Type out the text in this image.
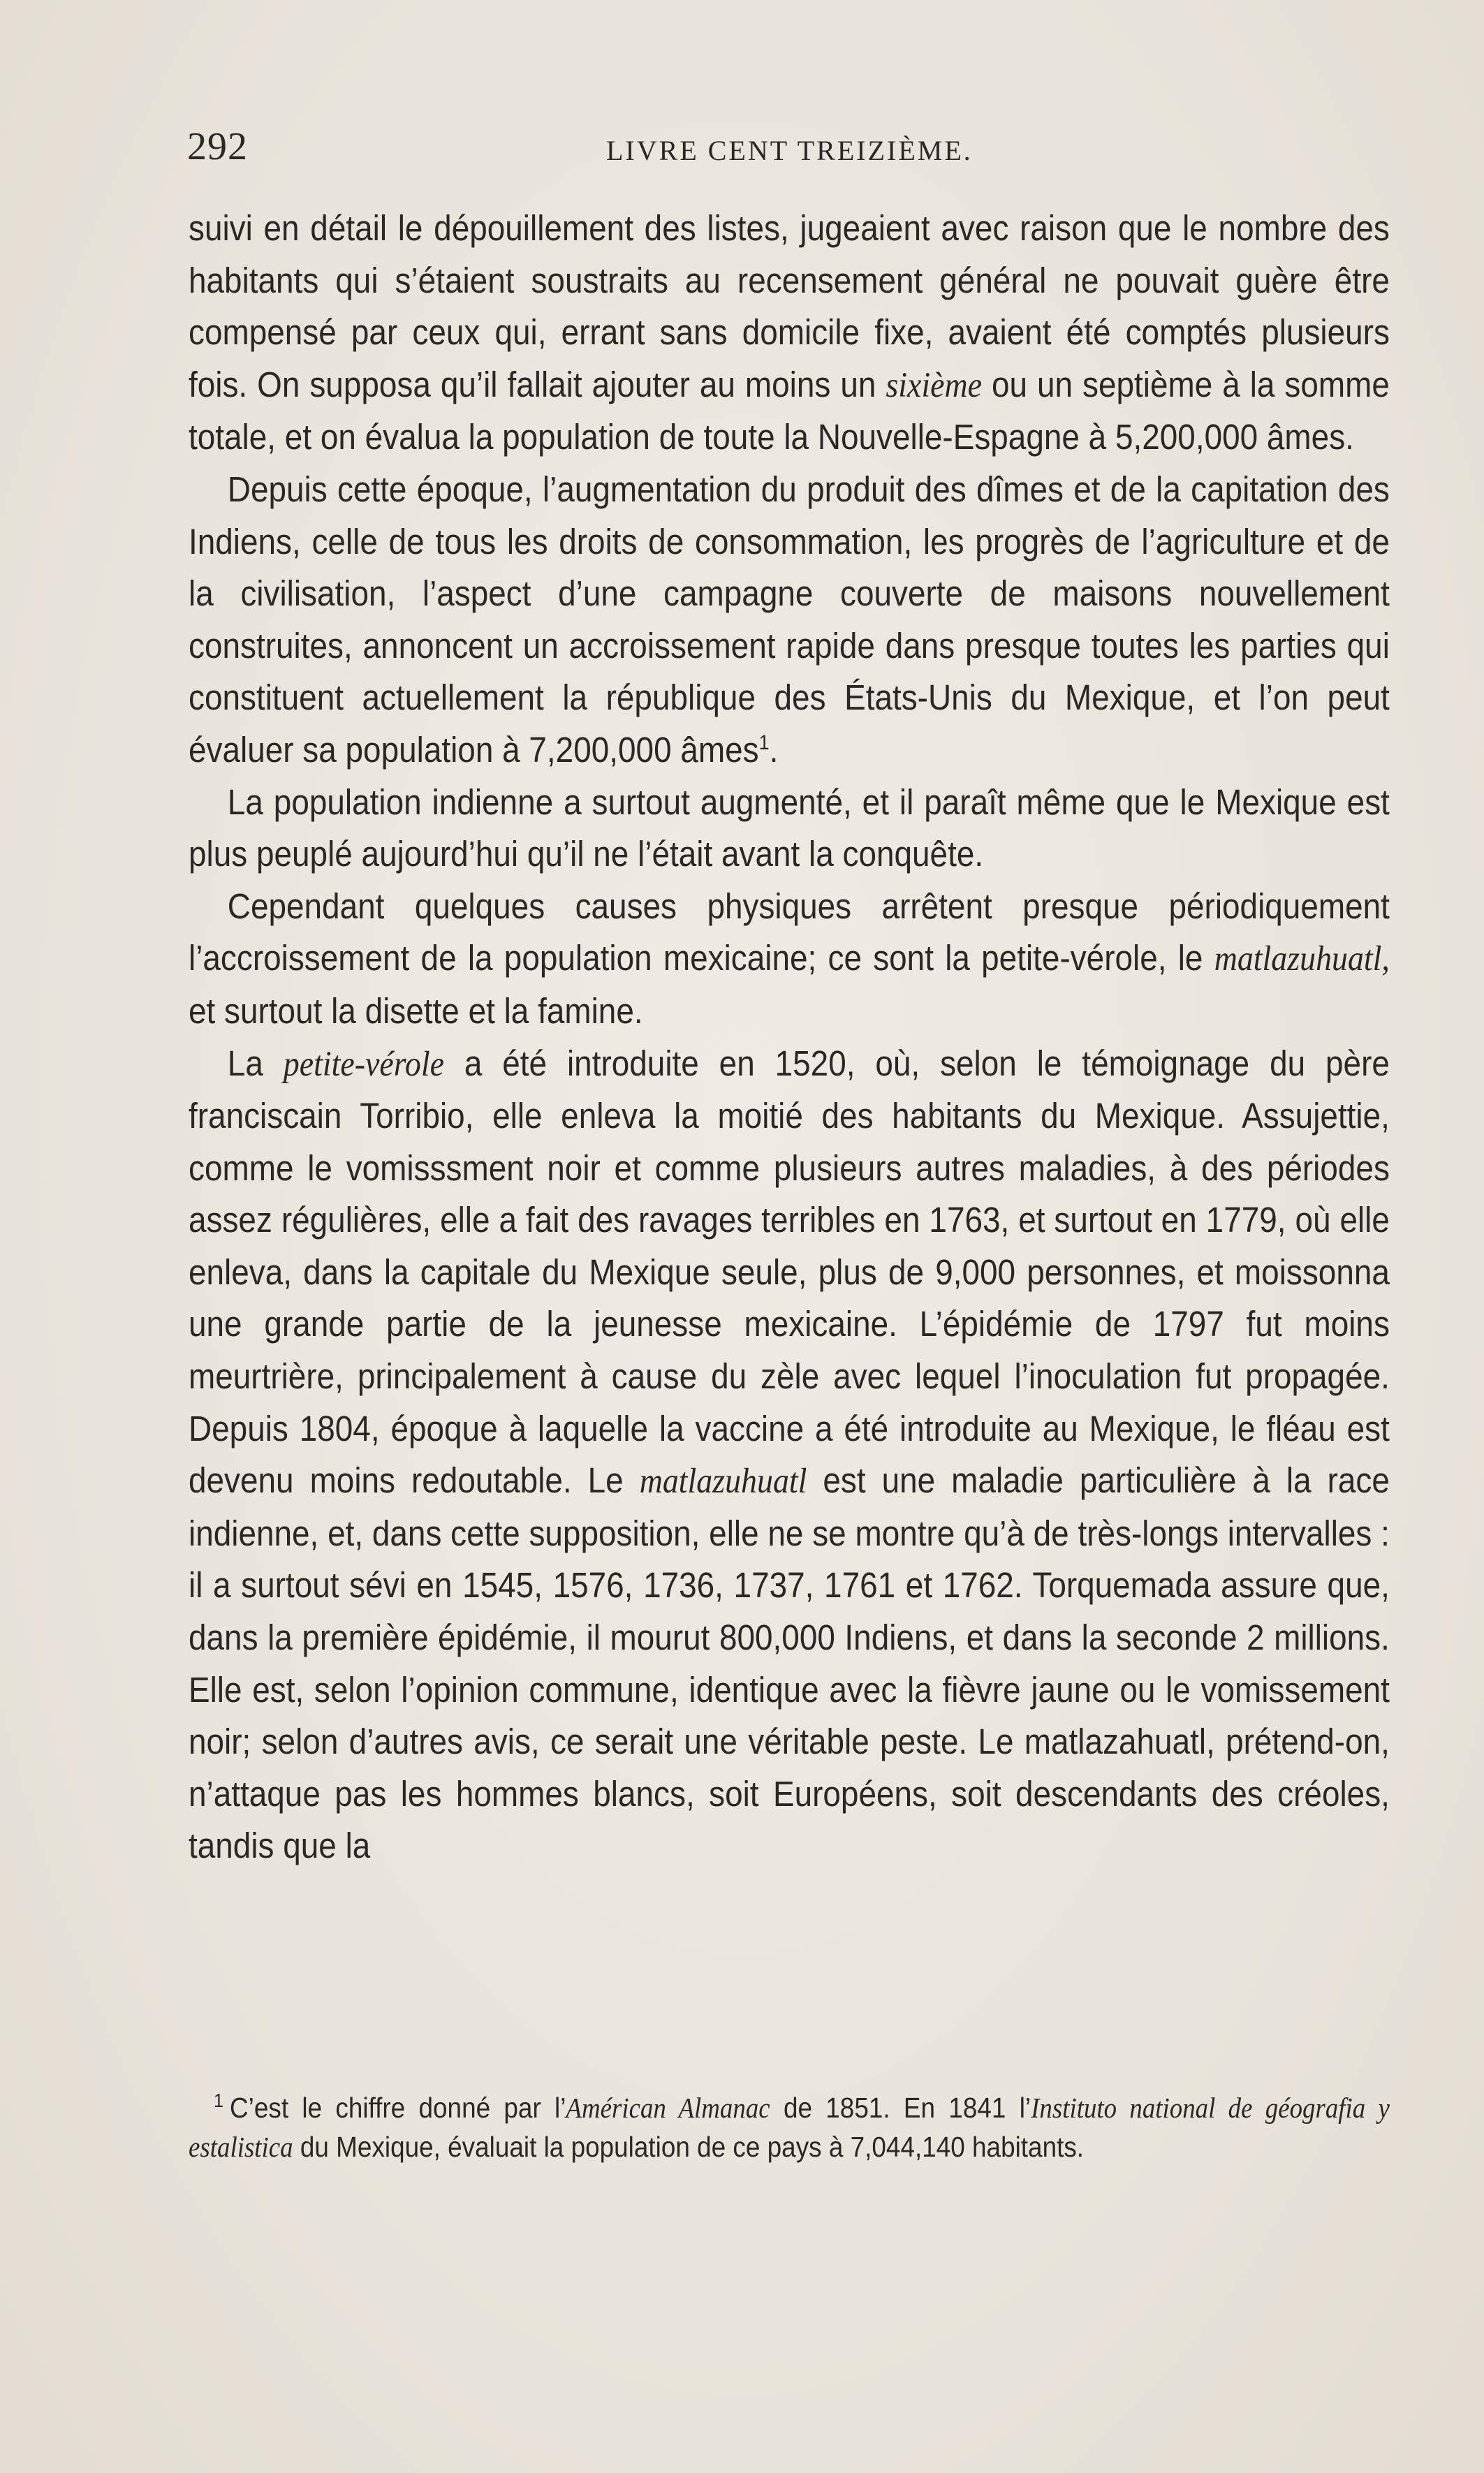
292	LIVRE CENT TREIZIÈME.

suivi en détail le dépouillement des listes, jugeaient avec raison que le nombre des habitants qui s’étaient soustraits au recensement général ne pouvait guère être compensé par ceux qui, errant sans domicile fixe, avaient été comptés plusieurs fois. On supposa qu’il fallait ajouter au moins un sixième ou un septième à la somme totale, et on évalua la population de toute la Nouvelle-Espagne à 5,200,000 âmes.

Depuis cette époque, l’augmentation du produit des dîmes et de la capitation des Indiens, celle de tous les droits de consommation, les progrès de l’agriculture et de la civilisation, l’aspect d’une campagne couverte de maisons nouvellement construites, annoncent un accroissement rapide dans presque toutes les parties qui constituent actuellement la république des États-Unis du Mexique, et l’on peut évaluer sa population à 7,200,000 âmes$^1$.

La population indienne a surtout augmenté, et il paraît même que le Mexique est plus peuplé aujourd’hui qu’il ne l’était avant la conquête.

Cependant quelques causes physiques arrêtent presque périodiquement l’accroissement de la population mexicaine; ce sont la petite-vérole, le matlazuhuatl, et surtout la disette et la famine.

La petite-vérole a été introduite en 1520, où, selon le témoignage du père franciscain Torribio, elle enleva la moitié des habitants du Mexique. Assujettie, comme le vomisssment noir et comme plusieurs autres maladies, à des périodes assez régulières, elle a fait des ravages terribles en 1763, et surtout en 1779, où elle enleva, dans la capitale du Mexique seule, plus de 9,000 personnes, et moissonna une grande partie de la jeunesse mexicaine. L’épidémie de 1797 fut moins meurtrière, principalement à cause du zèle avec lequel l’inoculation fut propagée. Depuis 1804, époque à laquelle la vaccine a été introduite au Mexique, le fléau est devenu moins redoutable. Le matlazuhuatl est une maladie particulière à la race indienne, et, dans cette supposition, elle ne se montre qu’à de très-longs intervalles : il a surtout sévi en 1545, 1576, 1736, 1737, 1761 et 1762. Torquemada assure que, dans la première épidémie, il mourut 800,000 Indiens, et dans la seconde 2 millions. Elle est, selon l’opinion commune, identique avec la fièvre jaune ou le vomissement noir; selon d’autres avis, ce serait une véritable peste. Le matlazahuatl, prétend-on, n’attaque pas les hommes blancs, soit Européens, soit descendants des créoles, tandis que la

$^1$ C’est le chiffre donné par l’Américan Almanac de 1851. En 1841 l’Instituto national de géografia y estalistica du Mexique, évaluait la population de ce pays à 7,044,140 habitants.
